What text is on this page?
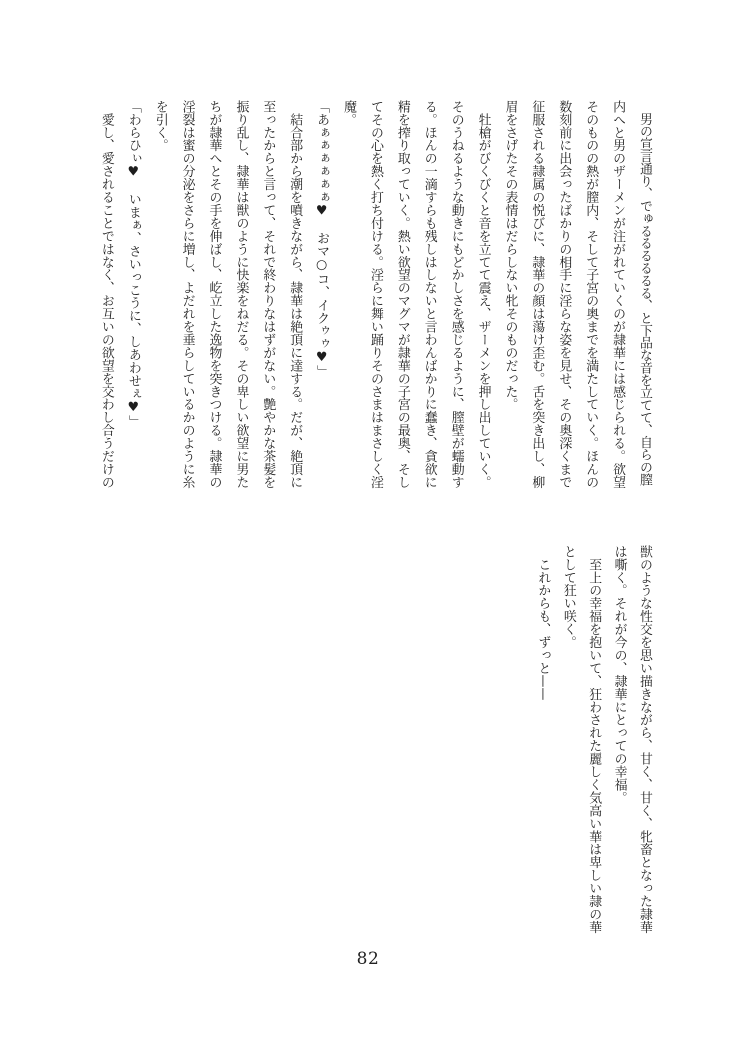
　男の宣言通り、でゅるるるるるる、と下品な音を立てて、自らの膣
内へと男のザーメンが注がれていくのが隷華には感じられる。欲望
そのものの熱が膣内、そして子宮の奥までを満たしていく。ほんの
数刻前に出会ったばかりの相手に淫らな姿を見せ、その奥深くまで
征服される隷属の悦びに、隷華の顔は蕩け歪む。舌を突き出し、柳
眉をさげたその表情はだらしない牝そのものだった。
　牡槍がびくびくと音を立てて震え、ザーメンを押し出していく。
そのうねるような動きにもどかしさを感じるように、膣壁が蠕動す
る。ほんの一滴すらも残しはしないと言わんばかりに蠢き、貪欲に
精を搾り取っていく。熱い欲望のマグマが隷華の子宮の最奥、そし
てその心を熱く打ち付ける。淫らに舞い踊りそのさまはまさしく淫
魔。
「あぁぁぁぁぁぁ♥　おマ○コ、イクゥゥ♥」
　結合部から潮を噴きながら、隷華は絶頂に達する。だが、絶頂に
至ったからと言って、それで終わりなはずがない。艶やかな茶髪を
振り乱し、隷華は獣のように快楽をねだる。その卑しい欲望に男た
ちが隷華へとその手を伸ばし、屹立した逸物を突きつける。隷華の
淫裂は蜜の分泌をさらに増し、よだれを垂らしているかのように糸
を引く。
「わらひぃ♥　いまぁ、さいっこうに、しあわせぇ♥」
　愛し、愛されることではなく、お互いの欲望を交わし合うだけの
獣のような性交を思い描きながら、甘く、甘く、牝畜となった隷華
は嘶く。それが今の、隷華にとっての幸福。
　至上の幸福を抱いて、狂わされた麗しく気高い華は卑しい隷の華
として狂い咲く。
　これからも、ずっと——
82
